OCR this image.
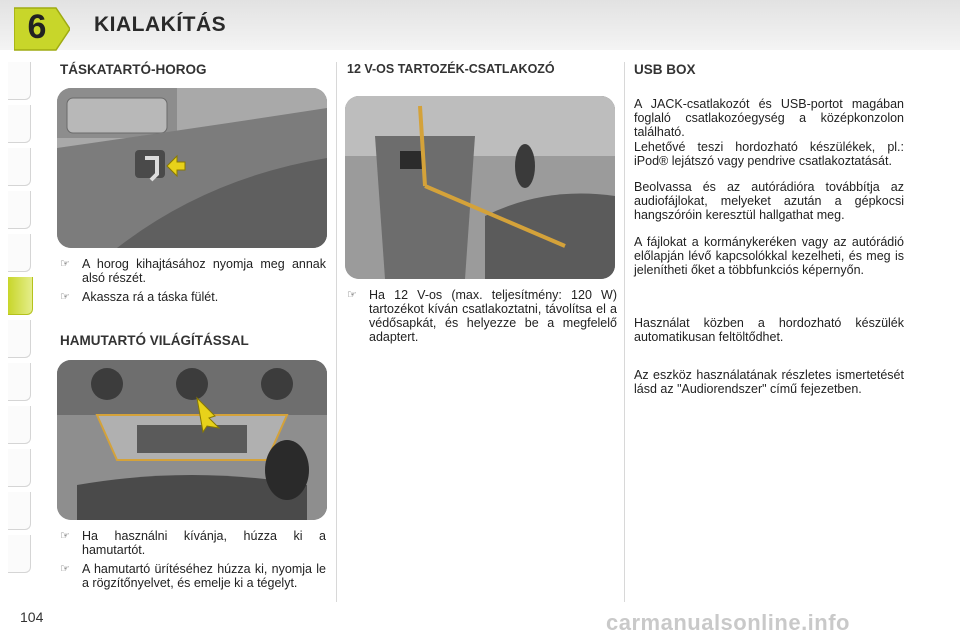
6	KIALAKÍTÁS
TÁSKATARTÓ-HOROG
☞ A horog kihajtásához nyomja meg annak alsó részét.
☞ Akassza rá a táska fülét.
HAMUTARTÓ VILÁGÍTÁSSAL
☞ Ha használni kívánja, húzza ki a hamutartót.
☞ A hamutartó ürítéséhez húzza ki, nyomja le a rögzítőnyelvet, és emelje ki a tégelyt.
12 V-OS TARTOZÉK-CSATLAKOZÓ
☞ Ha 12 V-os (max. teljesítmény: 120 W) tartozékot kíván csatlakoztatni, távolítsa el a védősapkát, és helyezze be a megfelelő adaptert.
USB BOX
A JACK-csatlakozót és USB-portot magában foglaló csatlakozóegység a középkonzolon található.
Lehetővé teszi hordozható készülékek, pl.: iPod® lejátszó vagy pendrive csatlakoztatását.
Beolvassa és az autórádióra továbbítja az audiofájlokat, melyeket azután a gépkocsi hangszóróin keresztül hallgathat meg.
A fájlokat a kormánykeréken vagy az autórádió előlapján lévő kapcsolókkal kezelheti, és meg is jelenítheti őket a többfunkciós képernyőn.
Használat közben a hordozható készülék automatikusan feltöltődhet.
Az eszköz használatának részletes ismertetését lásd az "Audiorendszer" című fejezetben.
104	carmanualsonline.info
